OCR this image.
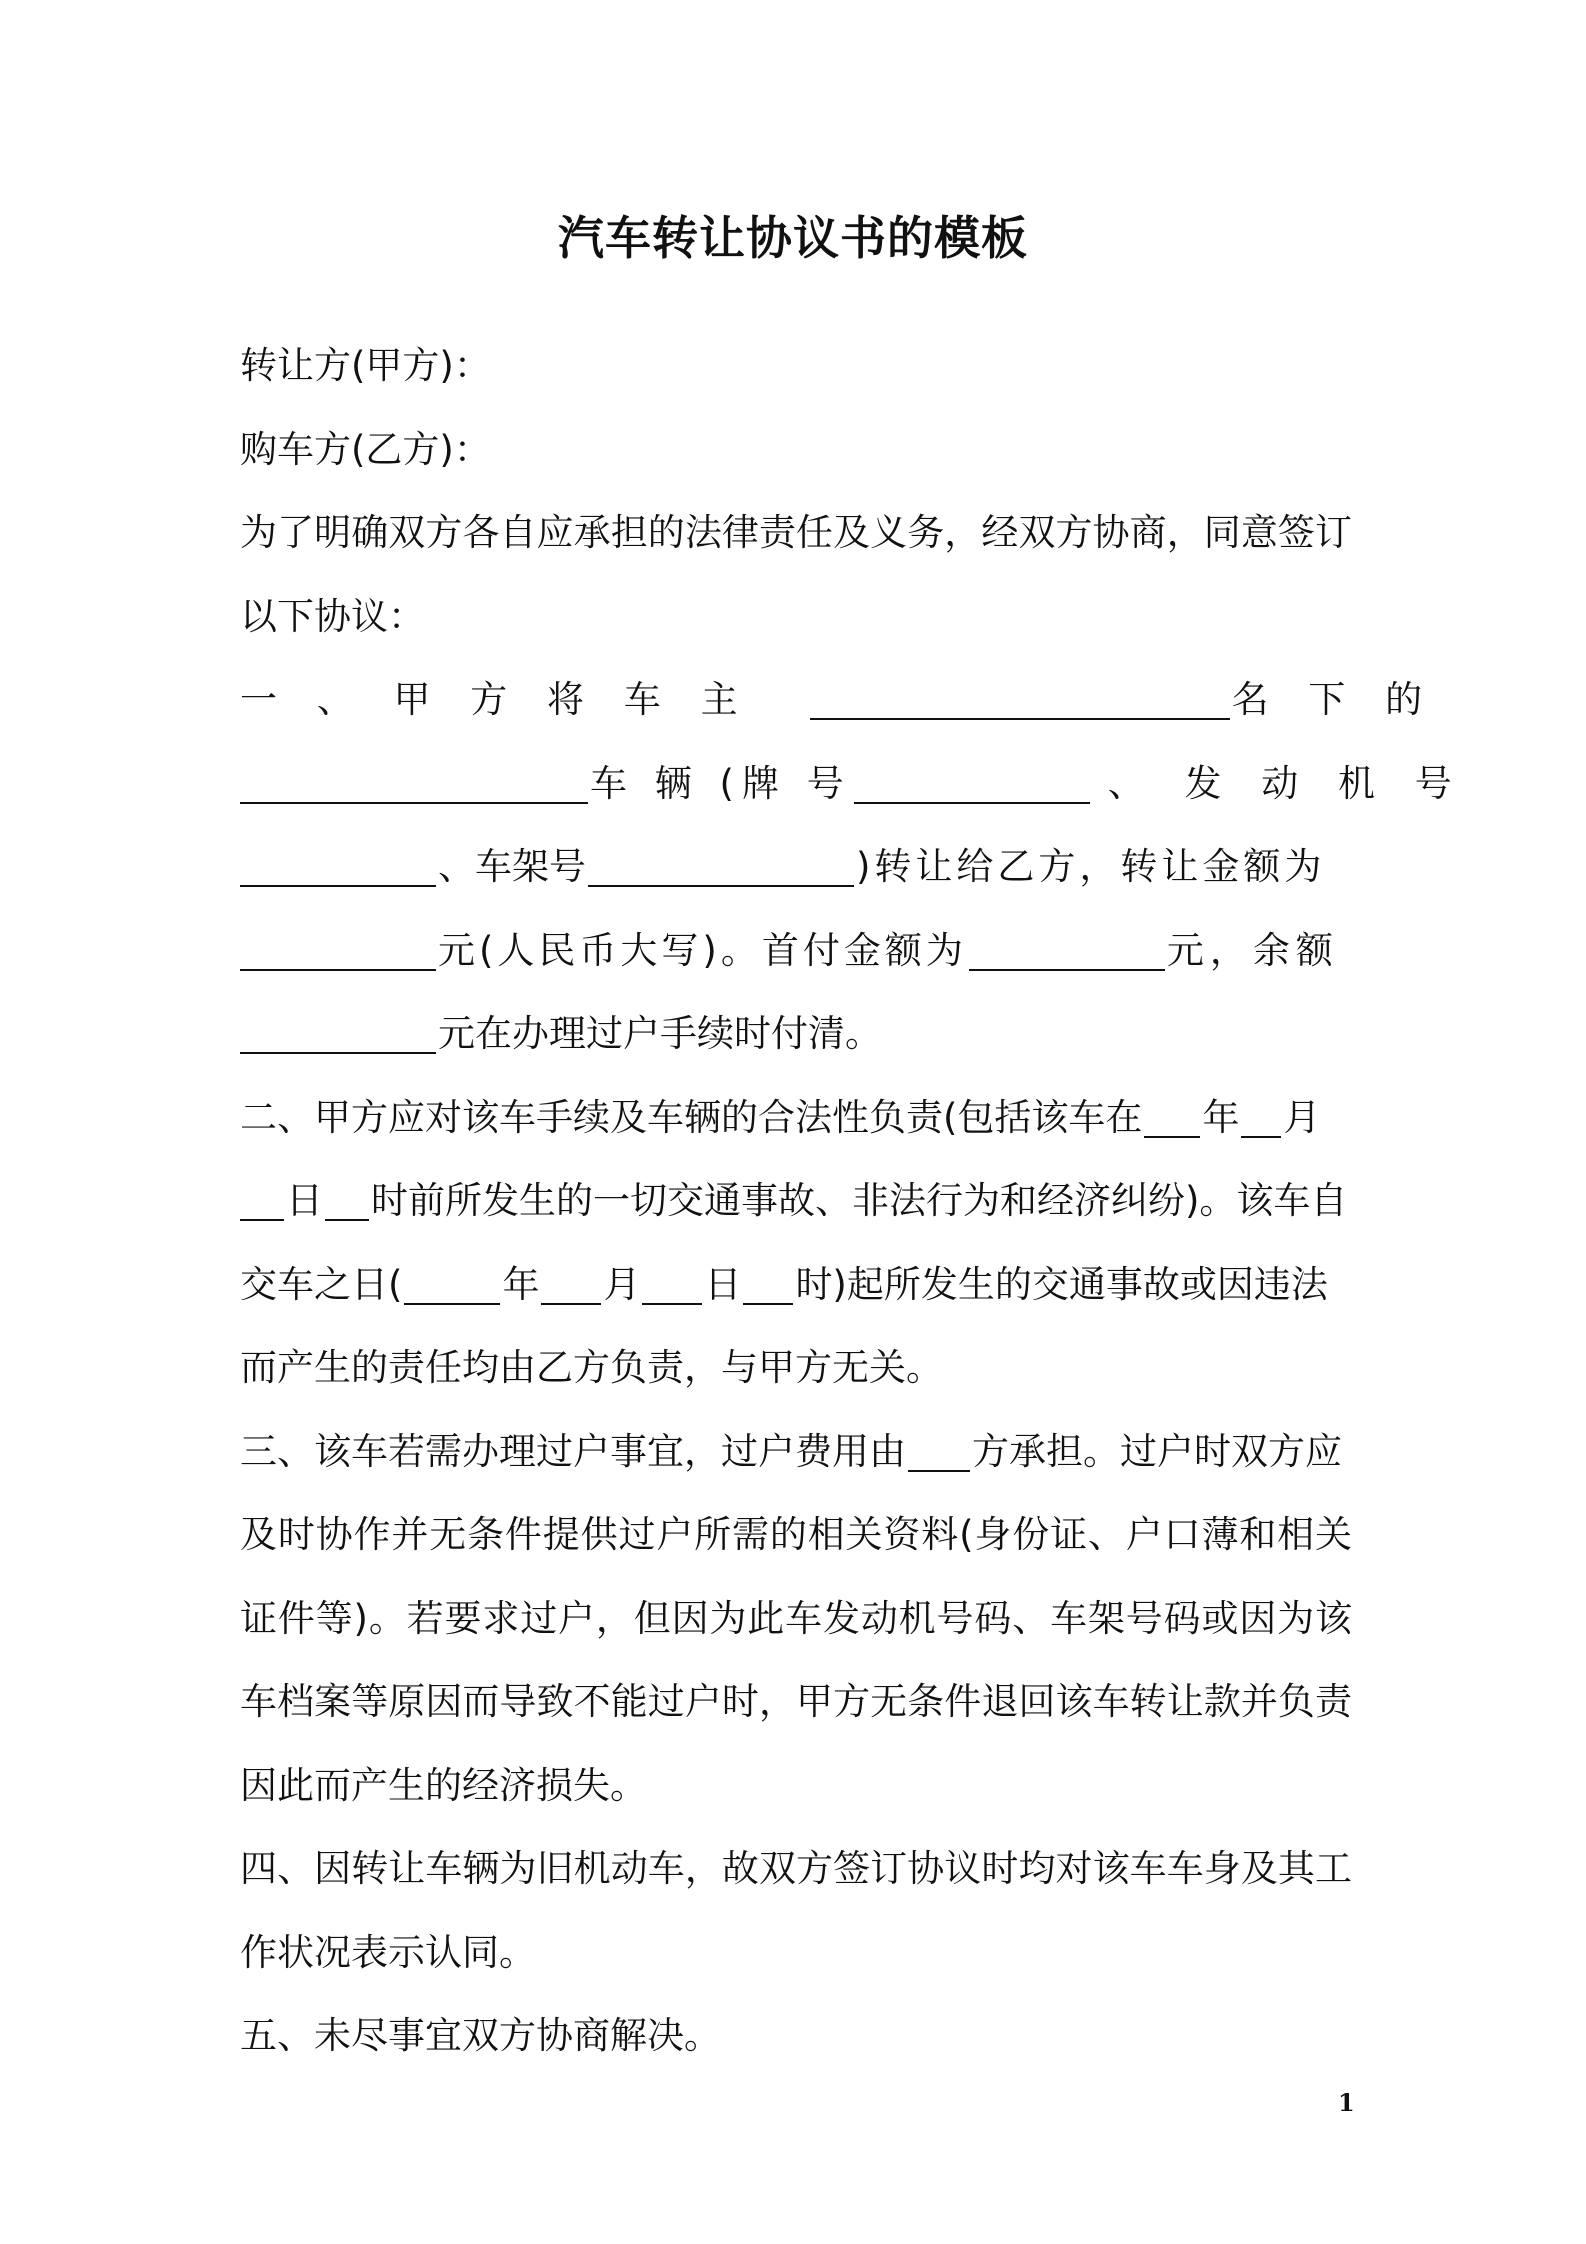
汽车转让协议书的模板
转让方(甲方)：
购车方(乙方)：
为了明确双方各自应承担的法律责任及义务，经双方协商，同意签订
以下协议：
一 、 甲 方 将 车 主	名 下 的
车 辆 (牌 号	、 发 动 机 号
、车架号	)转让给乙方，转让金额为
元(人民币大写)。首付金额为	元，余额
元在办理过户手续时付清。
二、甲方应对该车手续及车辆的合法性负责(包括该车在 年 月
日 时前所发生的一切交通事故、非法行为和经济纠纷)。该车自
交车之日(	年 月 日 时)起所发生的交通事故或因违法
而产生的责任均由乙方负责，与甲方无关。
三、该车若需办理过户事宜，过户费用由 方承担。过户时双方应
及时协作并无条件提供过户所需的相关资料(身份证、户口薄和相关
证件等)。若要求过户，但因为此车发动机号码、车架号码或因为该
车档案等原因而导致不能过户时，甲方无条件退回该车转让款并负责
因此而产生的经济损失。
四、因转让车辆为旧机动车，故双方签订协议时均对该车车身及其工
作状况表示认同。
五、未尽事宜双方协商解决。
1
